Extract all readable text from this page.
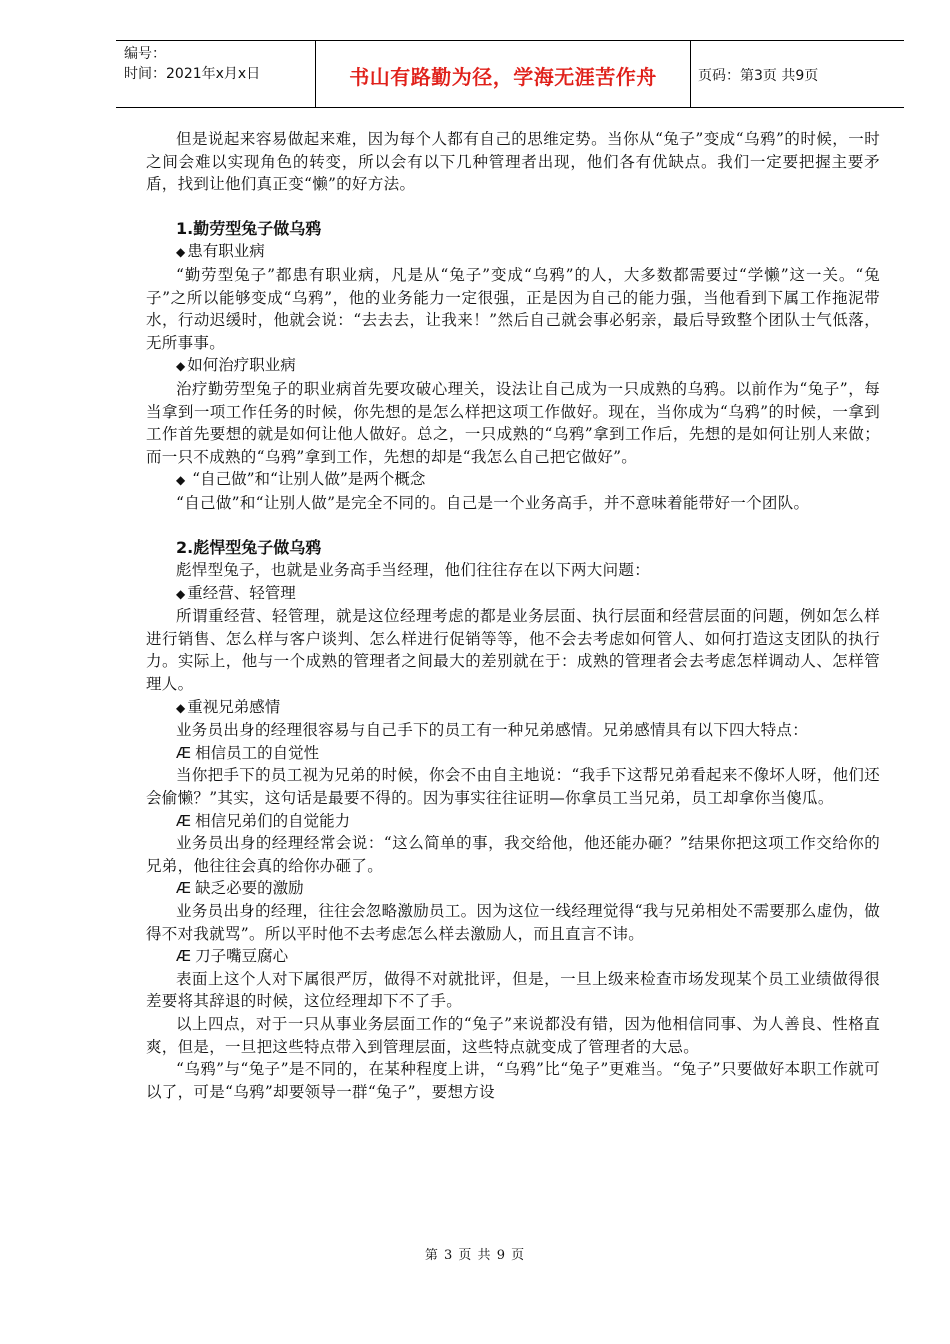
编号：
时间：2021年x月x日	书山有路勤为径，学海无涯苦作舟	页码：第3页 共9页

但是说起来容易做起来难，因为每个人都有自己的思维定势。当你从“兔子”变成“乌鸦”的时候，一时之间会难以实现角色的转变，所以会有以下几种管理者出现，他们各有优缺点。我们一定要把握主要矛盾，找到让他们真正变“懒”的好方法。

1.勤劳型兔子做乌鸦

◆ 患有职业病

“勤劳型兔子”都患有职业病，凡是从“兔子”变成“乌鸦”的人，大多数都需要过“学懒”这一关。“兔子”之所以能够变成“乌鸦”，他的业务能力一定很强，正是因为自己的能力强，当他看到下属工作拖泥带水，行动迟缓时，他就会说：“去去去，让我来！”然后自己就会事必躬亲，最后导致整个团队士气低落，无所事事。

◆ 如何治疗职业病

治疗勤劳型兔子的职业病首先要攻破心理关，设法让自己成为一只成熟的乌鸦。以前作为“兔子”，每当拿到一项工作任务的时候，你先想的是怎么样把这项工作做好。现在，当你成为“乌鸦”的时候，一拿到工作首先要想的就是如何让他人做好。总之，一只成熟的“乌鸦”拿到工作后，先想的是如何让别人来做；而一只不成熟的“乌鸦”拿到工作，先想的却是“我怎么自己把它做好”。

◆ “自己做”和“让别人做”是两个概念

“自己做”和“让别人做”是完全不同的。自己是一个业务高手，并不意味着能带好一个团队。

2.彪悍型兔子做乌鸦

彪悍型兔子，也就是业务高手当经理，他们往往存在以下两大问题：

◆ 重经营、轻管理

所谓重经营、轻管理，就是这位经理考虑的都是业务层面、执行层面和经营层面的问题，例如怎么样进行销售、怎么样与客户谈判、怎么样进行促销等等，他不会去考虑如何管人、如何打造这支团队的执行力。实际上，他与一个成熟的管理者之间最大的差别就在于：成熟的管理者会去考虑怎样调动人、怎样管理人。

◆ 重视兄弟感情

业务员出身的经理很容易与自己手下的员工有一种兄弟感情。兄弟感情具有以下四大特点：

Æ 相信员工的自觉性

当你把手下的员工视为兄弟的时候，你会不由自主地说：“我手下这帮兄弟看起来不像坏人呀，他们还会偷懒？”其实，这句话是最要不得的。因为事实往往证明—你拿员工当兄弟，员工却拿你当傻瓜。

Æ 相信兄弟们的自觉能力

业务员出身的经理经常会说：“这么简单的事，我交给他，他还能办砸？”结果你把这项工作交给你的兄弟，他往往会真的给你办砸了。

Æ 缺乏必要的激励

业务员出身的经理，往往会忽略激励员工。因为这位一线经理觉得“我与兄弟相处不需要那么虚伪，做得不对我就骂”。所以平时他不去考虑怎么样去激励人，而且直言不讳。

Æ 刀子嘴豆腐心

表面上这个人对下属很严厉，做得不对就批评，但是，一旦上级来检查市场发现某个员工业绩做得很差要将其辞退的时候，这位经理却下不了手。

以上四点，对于一只从事业务层面工作的“兔子”来说都没有错，因为他相信同事、为人善良、性格直爽，但是，一旦把这些特点带入到管理层面，这些特点就变成了管理者的大忌。

“乌鸦”与“兔子”是不同的，在某种程度上讲，“乌鸦”比“兔子”更难当。“兔子”只要做好本职工作就可以了，可是“乌鸦”却要领导一群“兔子”，要想方设

第 3 页 共 9 页
